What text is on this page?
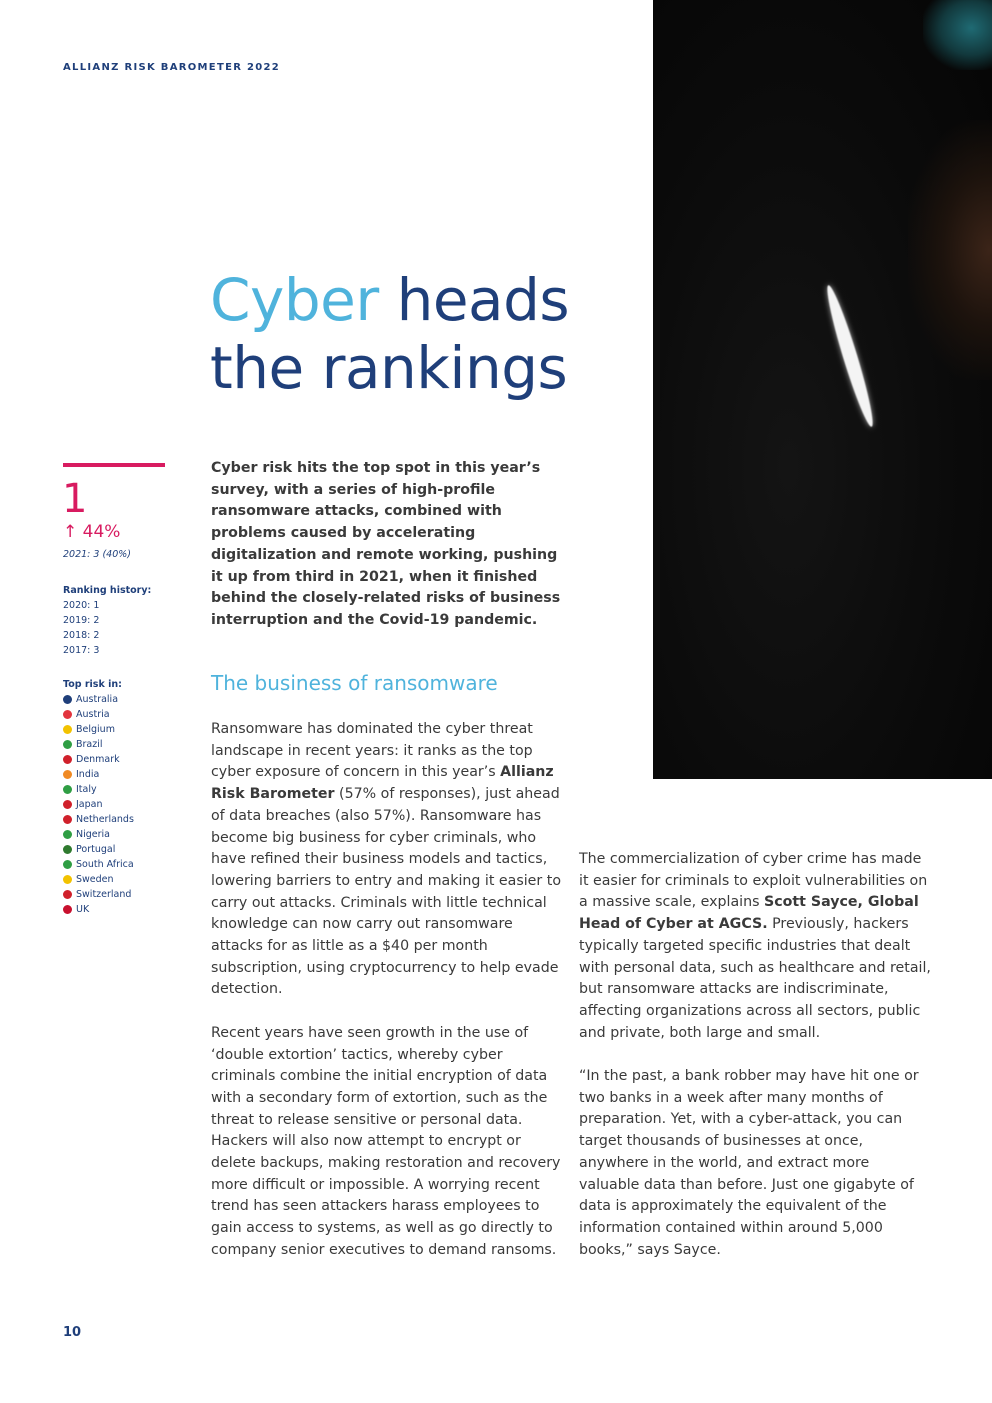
ALLIANZ RISK BAROMETER 2022
Cyber heads
the rankings
1
↑ 44%
2021: 3 (40%)
Ranking history:
2020: 1
2019: 2
2018: 2
2017: 3
Top risk in:
Australia
Austria
Belgium
Brazil
Denmark
India
Italy
Japan
Netherlands
Nigeria
Portugal
South Africa
Sweden
Switzerland
UK

Cyber risk hits the top spot in this year’s survey, with a series of high-profile ransomware attacks, combined with problems caused by accelerating digitalization and remote working, pushing it up from third in 2021, when it finished behind the closely-related risks of business interruption and the Covid-19 pandemic.

The business of ransomware

Ransomware has dominated the cyber threat landscape in recent years: it ranks as the top cyber exposure of concern in this year’s Allianz Risk Barometer (57% of responses), just ahead of data breaches (also 57%). Ransomware has become big business for cyber criminals, who have refined their business models and tactics, lowering barriers to entry and making it easier to carry out attacks. Criminals with little technical knowledge can now carry out ransomware attacks for as little as a $40 per month subscription, using cryptocurrency to help evade detection.

Recent years have seen growth in the use of ‘double extortion’ tactics, whereby cyber criminals combine the initial encryption of data with a secondary form of extortion, such as the threat to release sensitive or personal data. Hackers will also now attempt to encrypt or delete backups, making restoration and recovery more difficult or impossible. A worrying recent trend has seen attackers harass employees to gain access to systems, as well as go directly to company senior executives to demand ransoms.

The commercialization of cyber crime has made it easier for criminals to exploit vulnerabilities on a massive scale, explains Scott Sayce, Global Head of Cyber at AGCS. Previously, hackers typically targeted specific industries that dealt with personal data, such as healthcare and retail, but ransomware attacks are indiscriminate, affecting organizations across all sectors, public and private, both large and small.

“In the past, a bank robber may have hit one or two banks in a week after many months of preparation. Yet, with a cyber-attack, you can target thousands of businesses at once, anywhere in the world, and extract more valuable data than before. Just one gigabyte of data is approximately the equivalent of the information contained within around 5,000 books,” says Sayce.

10
